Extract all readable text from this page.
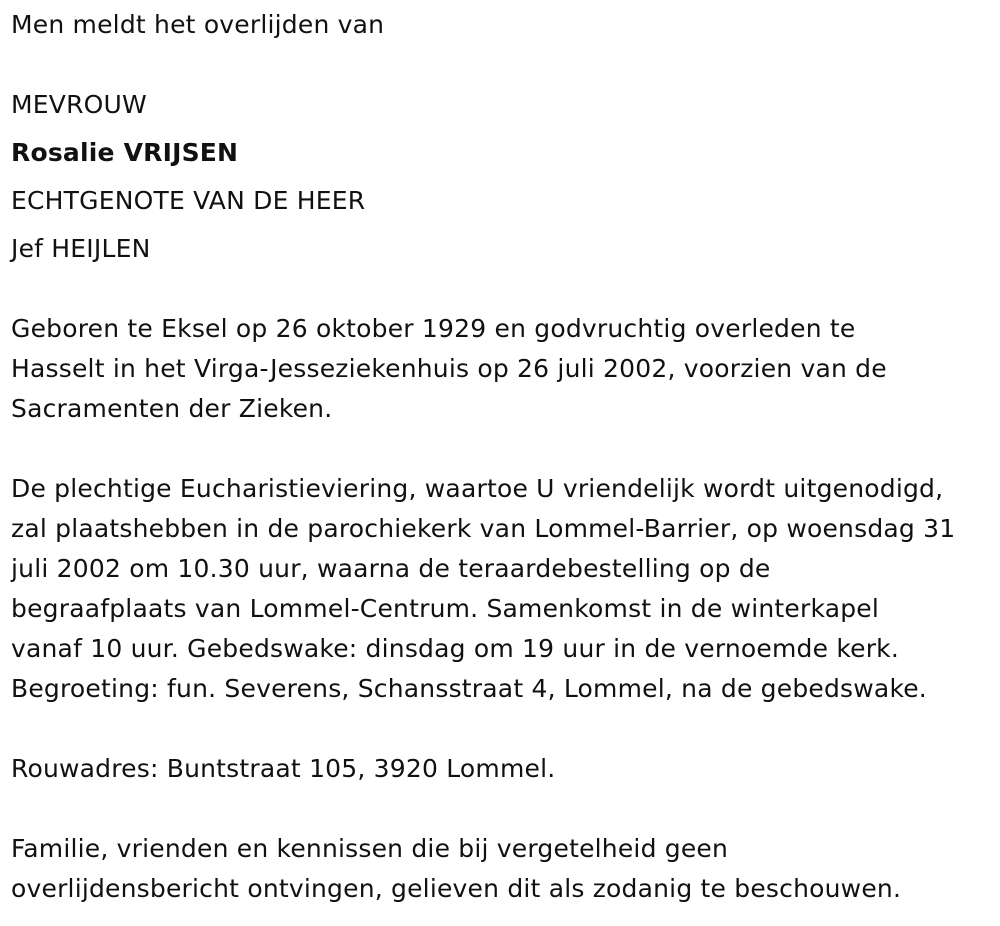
Men meldt het overlijden van
MEVROUW
Rosalie VRIJSEN
ECHTGENOTE VAN DE HEER
Jef HEIJLEN
Geboren te Eksel op 26 oktober 1929 en godvruchtig overleden te
Hasselt in het Virga-Jesseziekenhuis op 26 juli 2002, voorzien van de
Sacramenten der Zieken.
De plechtige Eucharistieviering, waartoe U vriendelijk wordt uitgenodigd,
zal plaatshebben in de parochiekerk van Lommel-Barrier, op woensdag 31
juli 2002 om 10.30 uur, waarna de teraardebestelling op de
begraafplaats van Lommel-Centrum. Samenkomst in de winterkapel
vanaf 10 uur. Gebedswake: dinsdag om 19 uur in de vernoemde kerk.
Begroeting: fun. Severens, Schansstraat 4, Lommel, na de gebedswake.
Rouwadres: Buntstraat 105, 3920 Lommel.
Familie, vrienden en kennissen die bij vergetelheid geen
overlijdensbericht ontvingen, gelieven dit als zodanig te beschouwen.
